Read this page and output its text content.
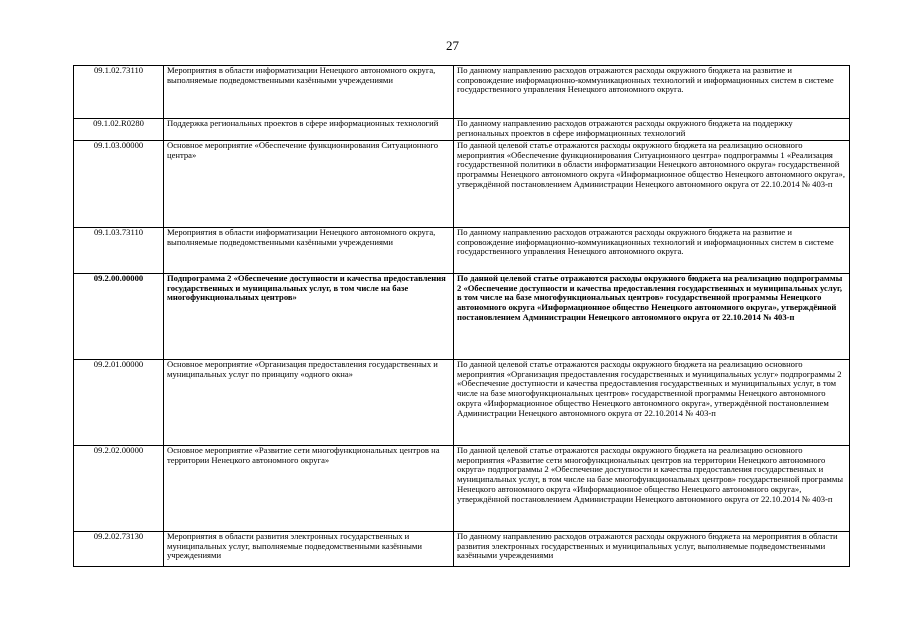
27
09.1.02.73110	Мероприятия в области информатизации Ненецкого автономного округа, выполняемые подведомственными казёнными учреждениями	По данному направлению расходов отражаются расходы окружного бюджета на развитие и сопровождение информационно-коммуникационных технологий и информационных систем в системе государственного управления Ненецкого автономного округа.
09.1.02.R0280	Поддержка региональных проектов в сфере информационных технологий	По данному направлению расходов отражаются расходы окружного бюджета на поддержку региональных проектов в сфере информационных технологий
09.1.03.00000	Основное мероприятие «Обеспечение функционирования Ситуационного центра»	По данной целевой статье отражаются расходы окружного бюджета на реализацию основного мероприятия «Обеспечение функционирования Ситуационного центра» подпрограммы 1 «Реализация государственной политики в области информатизации Ненецкого автономного округа» государственной программы Ненецкого автономного округа «Информационное общество Ненецкого автономного округа», утверждённой постановлением Администрации Ненецкого автономного округа от 22.10.2014 № 403-п
09.1.03.73110	Мероприятия в области информатизации Ненецкого автономного округа, выполняемые подведомственными казёнными учреждениями	По данному направлению расходов отражаются расходы окружного бюджета на развитие и сопровождение информационно-коммуникационных технологий и информационных систем в системе государственного управления Ненецкого автономного округа.
09.2.00.00000	Подпрограмма 2 «Обеспечение доступности и качества предоставления государственных и муниципальных услуг, в том числе на базе многофункциональных центров»	По данной целевой статье отражаются расходы окружного бюджета на реализацию подпрограммы 2 «Обеспечение доступности и качества предоставления государственных и муниципальных услуг, в том числе на базе многофункциональных центров» государственной программы Ненецкого автономного округа «Информационное общество Ненецкого автономного округа», утверждённой постановлением Администрации Ненецкого автономного округа от 22.10.2014 № 403-п
09.2.01.00000	Основное мероприятие «Организация предоставления государственных и муниципальных услуг по принципу «одного окна»	По данной целевой статье отражаются расходы окружного бюджета на реализацию основного мероприятия «Организация предоставления государственных и муниципальных услуг» подпрограммы 2 «Обеспечение доступности и качества предоставления государственных и муниципальных услуг, в том числе на базе многофункциональных центров» государственной программы Ненецкого автономного округа «Информационное общество Ненецкого автономного округа», утверждённой постановлением Администрации Ненецкого автономного округа от 22.10.2014 № 403-п
09.2.02.00000	Основное мероприятие «Развитие сети многофункциональных центров на территории Ненецкого автономного округа»	По данной целевой статье отражаются расходы окружного бюджета на реализацию основного мероприятия «Развитие сети многофункциональных центров на территории Ненецкого автономного округа» подпрограммы 2 «Обеспечение доступности и качества предоставления государственных и муниципальных услуг, в том числе на базе многофункциональных центров» государственной программы Ненецкого автономного округа «Информационное общество Ненецкого автономного округа», утверждённой постановлением Администрации Ненецкого автономного округа от 22.10.2014 № 403-п
09.2.02.73130	Мероприятия в области развития электронных государственных и муниципальных услуг, выполняемые подведомственными казёнными учреждениями	По данному направлению расходов отражаются расходы окружного бюджета на мероприятия в области развития электронных государственных и муниципальных услуг, выполняемые подведомственными казёнными учреждениями
